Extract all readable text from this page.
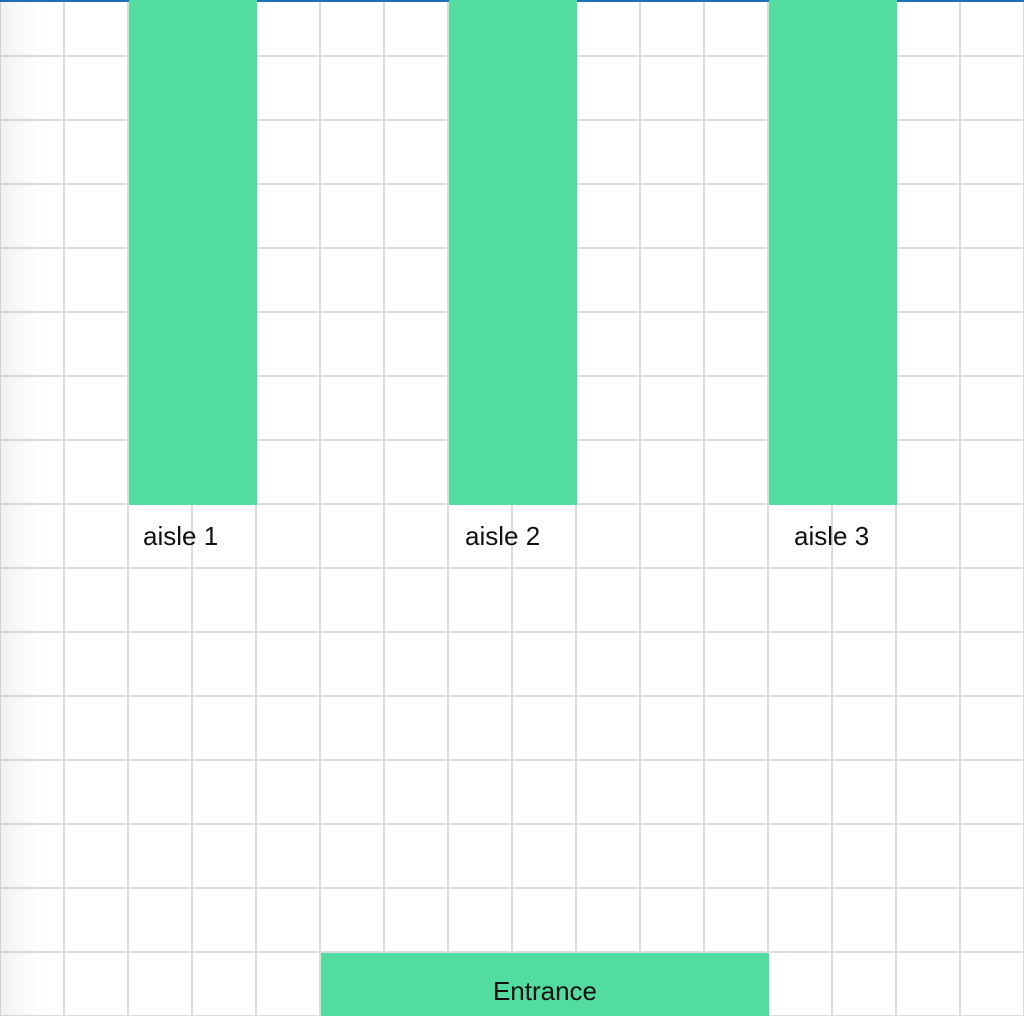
aisle 1	aisle 2	aisle 3
Entrance
